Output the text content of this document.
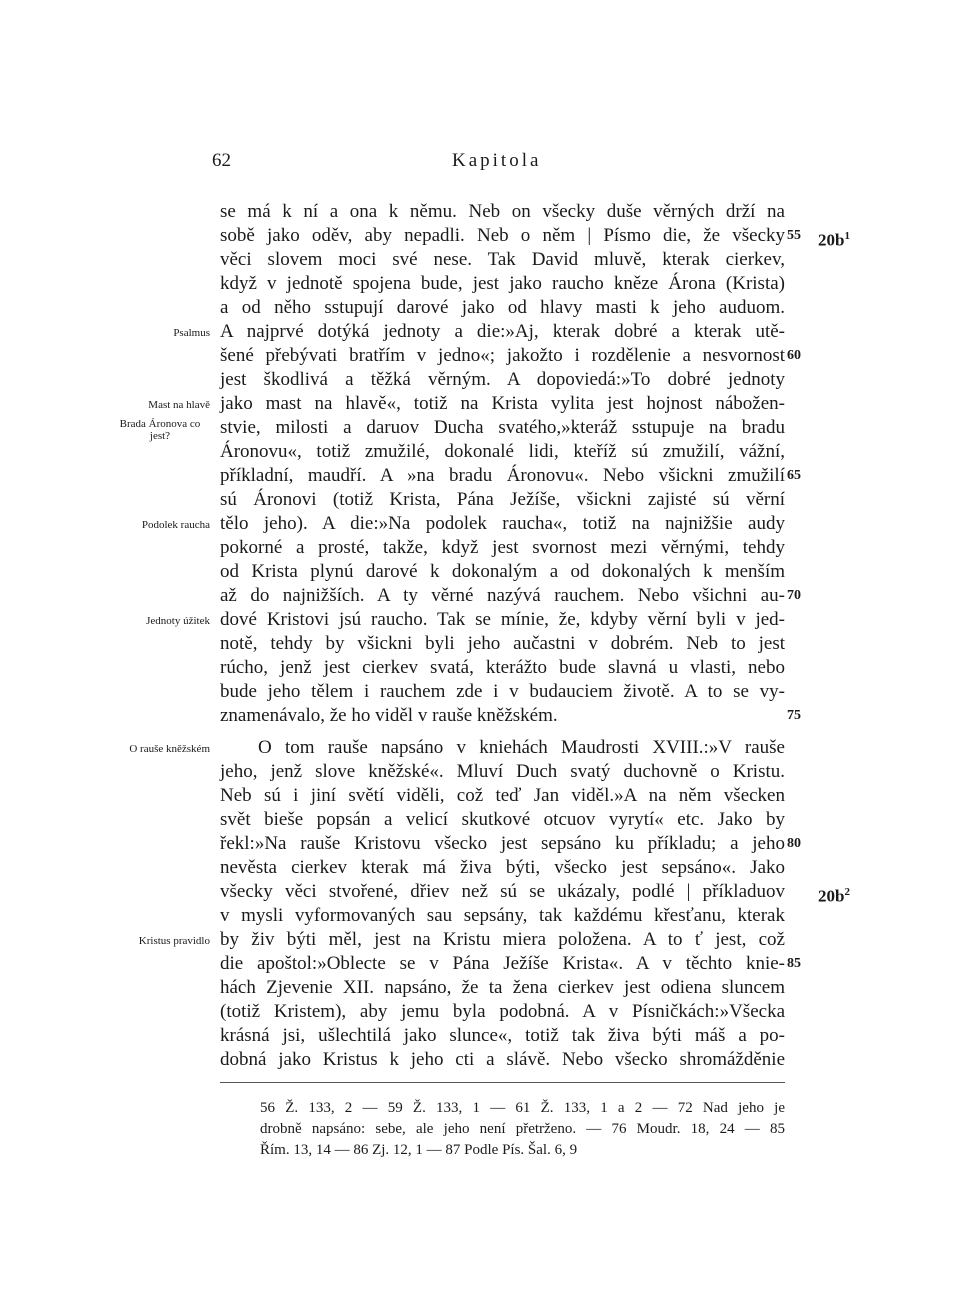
62	Kapitola
se má k ní a ona k němu. Neb on všecky duše věrných drží na
sobě jako oděv, aby nepadli. Neb o něm | Písmo die, že všecky
věci slovem moci své nese. Tak David mluvě, kterak cierkev,
když v jednotě spojena bude, jest jako raucho kněze Árona (Krista)
a od něho sstupují darové jako od hlavy masti k jeho auduom.
A najprvé dotýká jednoty a die:»Aj, kterak dobré a kterak utě-
šené přebývati bratřím v jedno«; jakožto i rozdělenie a nesvornost
jest škodlivá a těžká věrným. A dopoviedá:»To dobré jednoty
jako mast na hlavě«, totiž na Krista vylita jest hojnost nábožen-
stvie, milosti a daruov Ducha svatého,»kteráž sstupuje na bradu
Áronovu«, totiž zmužilé, dokonalé lidi, kteříž sú zmužilí, vážní,
příkladní, maudří. A »na bradu Áronovu«. Nebo všickni zmužilí
sú Áronovi (totiž Krista, Pána Ježíše, všickni zajisté sú věrní
tělo jeho). A die:»Na podolek raucha«, totiž na najnižšie audy
pokorné a prosté, takže, když jest svornost mezi věrnými, tehdy
od Krista plynú darové k dokonalým a od dokonalých k menším
až do najnižších. A ty věrné nazývá rauchem. Nebo všichni au-
dové Kristovi jsú raucho. Tak se mínie, že, kdyby věrní byli v jed-
notě, tehdy by všickni byli jeho aučastni v dobrém. Neb to jest
rúcho, jenž jest cierkev svatá, kterážto bude slavná u vlasti, nebo
bude jeho tělem i rauchem zde i v budauciem životě. A to se vy-
znamenávalo, že ho viděl v rauše kněžském.
O tom rauše napsáno v kniehách Maudrosti XVIII.:»V rauše
jeho, jenž slove kněžské«. Mluví Duch svatý duchovně o Kristu.
Neb sú i jiní světí viděli, což teď Jan viděl.»A na něm všecken
svět bieše popsán a velicí skutkové otcuov vyrytí« etc. Jako by
řekl:»Na rauše Kristovu všecko jest sepsáno ku příkladu; a jeho
nevěsta cierkev kterak má živa býti, všecko jest sepsáno«. Jako
všecky věci stvořené, dřiev než sú se ukázaly, podlé | příkladuov
v mysli vyformovaných sau sepsány, tak každému křesťanu, kterak
by živ býti měl, jest na Kristu miera položena. A to ť jest, což
die apoštol:»Oblecte se v Pána Ježíše Krista«. A v těchto knie-
hách Zjevenie XII. napsáno, že ta žena cierkev jest odiena sluncem
(totiž Kristem), aby jemu byla podobná. A v Písničkách:»Všecka
krásná jsi, ušlechtilá jako slunce«, totiž tak živa býti máš a po-
dobná jako Kristus k jeho cti a slávě. Nebo všecko shromážděnie
55
60
65
70
75
80
85
$20b^1$
$20b^2$
Psalmus
Mast na hlavě
Brada Áronova co jest?
Podolek raucha
Jednoty úžitek
O rauše kněžském
Kristus pravidlo
56 Ž. 133, 2 — 59 Ž. 133, 1 — 61 Ž. 133, 1 a 2 — 72 Nad jeho je
drobně napsáno: sebe, ale jeho není přetrženo. — 76 Moudr. 18, 24 — 85
Řím. 13, 14 — 86 Zj. 12, 1 — 87 Podle Pís. Šal. 6, 9
